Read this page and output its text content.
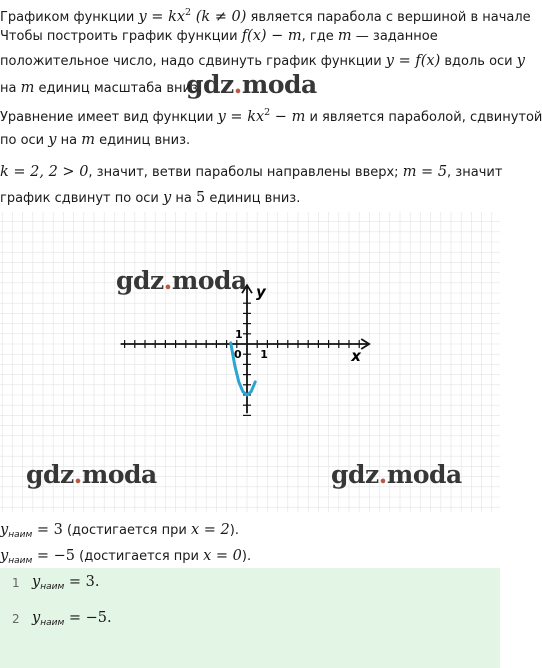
Графиком функции $y = kx^2$ (k ≠ 0) является парабола с вершиной в начале
Чтобы построить график функции f(x) − m, где m — заданное
положительное число, надо сдвинуть график функции y = f(x) вдоль оси y
на m единиц масштаба вниз.
gdz.moda
Уравнение имеет вид функции $y = kx^2 - m$ и является параболой, сдвинутой
по оси y на m единиц вниз.
k = 2, 2 > 0, значит, ветви параболы направлены вверх; m = 5, значит
график сдвинут по оси y на 5 единиц вниз.
y
x
0 1
1
gdz.moda
gdz.moda	gdz.moda
$y_{наим} = 3$ (достигается при x = 2).
$y_{наим} = -5$ (достигается при x = 0).
1 $y_{наим} = 3$.
2 $y_{наим} = -5$.
